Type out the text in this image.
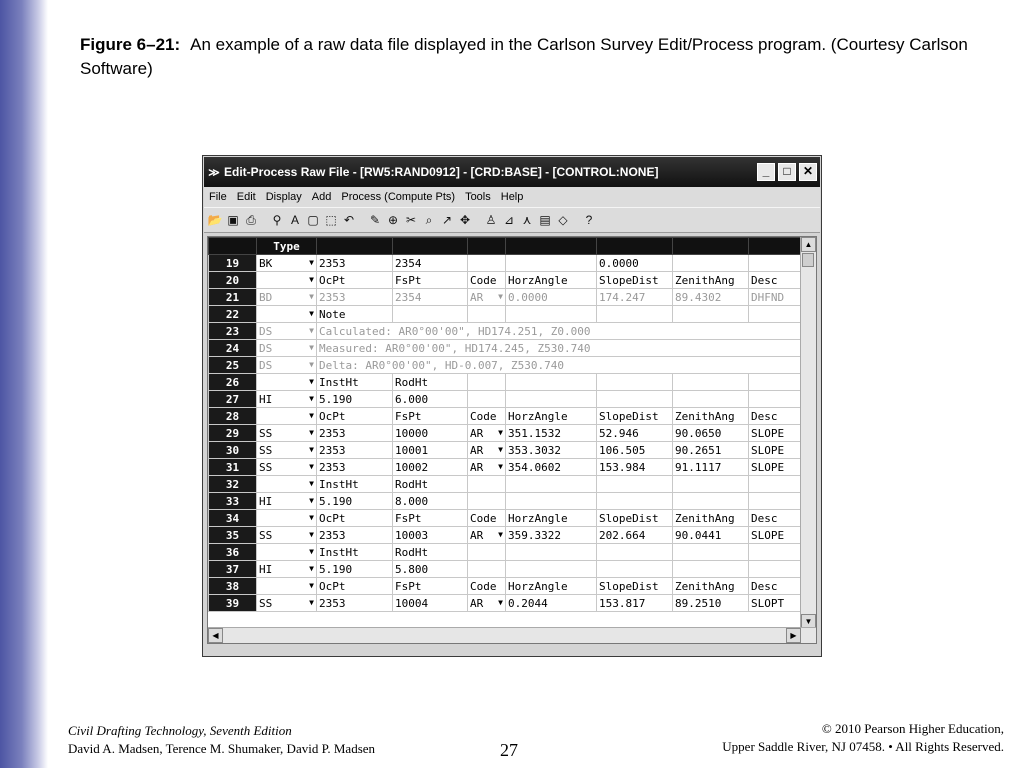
Figure 6–21: An example of a raw data file displayed in the Carlson Survey Edit/Process program. (Courtesy Carlson Software)
≫ Edit-Process Raw File - [RW5:RAND0912] - [CRD:BASE] - [CONTROL:NONE]	_	□	✕
File Edit Display Add Process (Compute Pts) Tools Help
📂 ▣ ⎙ ⚲ A ▢ ⬚ ↶ ✎ ⊕ ✂ ⌕ ↗ ✥ ♙ ⊿ ⋏ ▤ ◇	?
	Type							
19	BK ▼	2353	2354			0.0000		
20	▼	OcPt	FsPt	Code	HorzAngle	SlopeDist	ZenithAng	Desc
21	BD ▼	2353	2354	AR ▼	0.0000	174.247	89.4302	DHFND
22	▼	Note						
23	DS ▼	Calculated: AR0°00'00", HD174.251, Z0.000						
24	DS ▼	Measured: AR0°00'00", HD174.245, Z530.740						
25	DS ▼	Delta: AR0°00'00", HD-0.007, Z530.740						
26	▼	InstHt	RodHt					
27	HI ▼	5.190	6.000					
28	▼	OcPt	FsPt	Code	HorzAngle	SlopeDist	ZenithAng	Desc
29	SS ▼	2353	10000	AR ▼	351.1532	52.946	90.0650	SLOPE
30	SS ▼	2353	10001	AR ▼	353.3032	106.505	90.2651	SLOPE
31	SS ▼	2353	10002	AR ▼	354.0602	153.984	91.1117	SLOPE
32	▼	InstHt	RodHt					
33	HI ▼	5.190	8.000					
34	▼	OcPt	FsPt	Code	HorzAngle	SlopeDist	ZenithAng	Desc
35	SS ▼	2353	10003	AR ▼	359.3322	202.664	90.0441	SLOPE
36	▼	InstHt	RodHt					
37	HI ▼	5.190	5.800					
38	▼	OcPt	FsPt	Code	HorzAngle	SlopeDist	ZenithAng	Desc
39	SS ▼	2353	10004	AR ▼	0.2044	153.817	89.2510	SLOPT
▲
▼
◀	▶
Civil Drafting Technology, Seventh Edition
David A. Madsen, Terence M. Shumaker, David P. Madsen	27
© 2010 Pearson Higher Education,
Upper Saddle River, NJ 07458. • All Rights Reserved.
